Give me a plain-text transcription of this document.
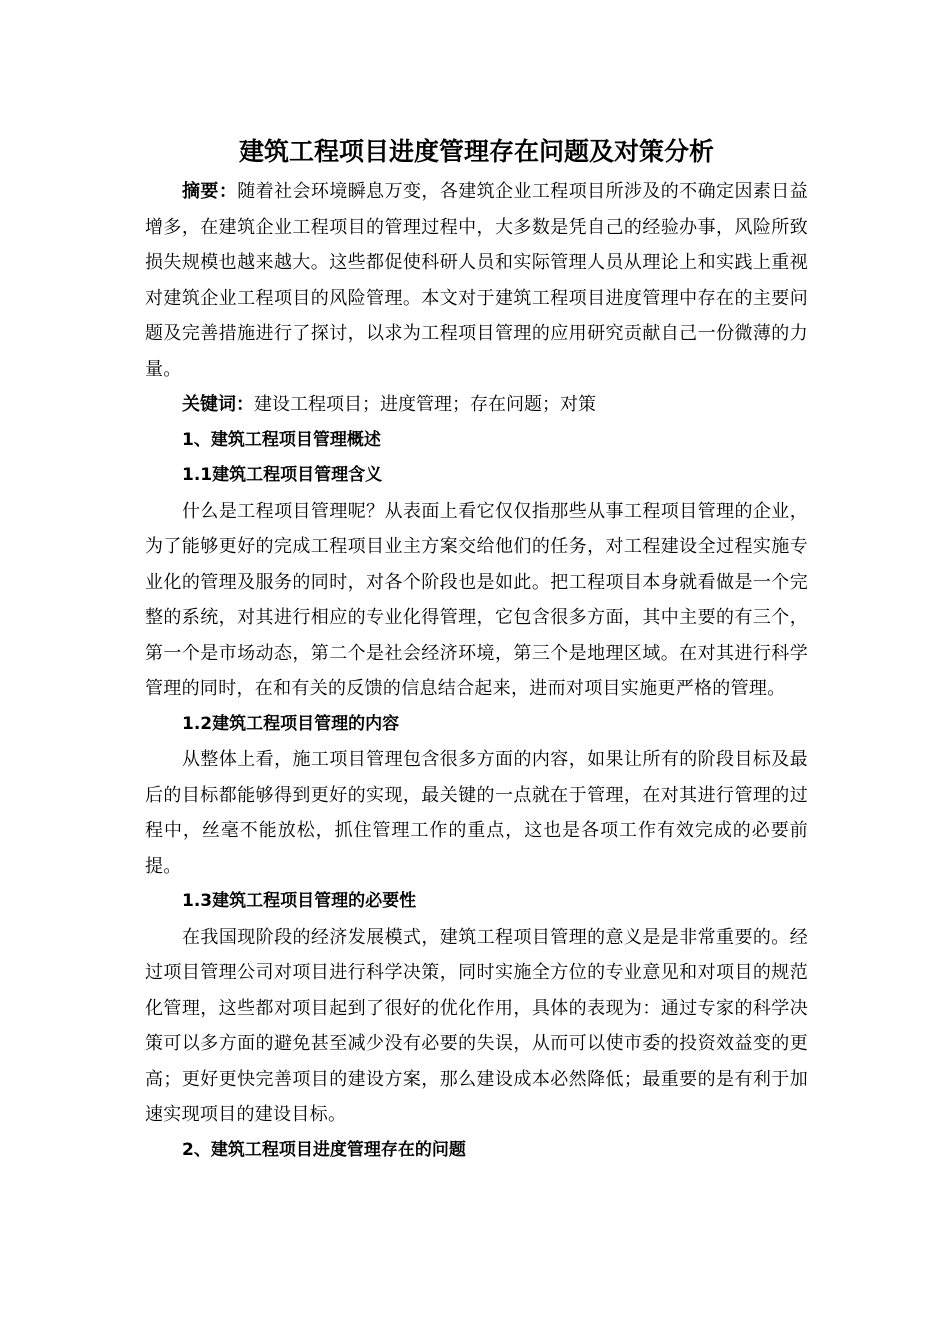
建筑工程项目进度管理存在问题及对策分析

摘要：随着社会环境瞬息万变，各建筑企业工程项目所涉及的不确定因素日益增多，在建筑企业工程项目的管理过程中，大多数是凭自己的经验办事，风险所致损失规模也越来越大。这些都促使科研人员和实际管理人员从理论上和实践上重视对建筑企业工程项目的风险管理。本文对于建筑工程项目进度管理中存在的主要问题及完善措施进行了探讨，以求为工程项目管理的应用研究贡献自己一份微薄的力量。

关键词：建设工程项目；进度管理；存在问题；对策

1、建筑工程项目管理概述

1.1建筑工程项目管理含义

什么是工程项目管理呢？从表面上看它仅仅指那些从事工程项目管理的企业，为了能够更好的完成工程项目业主方案交给他们的任务，对工程建设全过程实施专业化的管理及服务的同时，对各个阶段也是如此。把工程项目本身就看做是一个完整的系统，对其进行相应的专业化得管理，它包含很多方面，其中主要的有三个，第一个是市场动态，第二个是社会经济环境，第三个是地理区域。在对其进行科学管理的同时，在和有关的反馈的信息结合起来，进而对项目实施更严格的管理。

1.2建筑工程项目管理的内容

从整体上看，施工项目管理包含很多方面的内容，如果让所有的阶段目标及最后的目标都能够得到更好的实现，最关键的一点就在于管理，在对其进行管理的过程中，丝毫不能放松，抓住管理工作的重点，这也是各项工作有效完成的必要前提。

1.3建筑工程项目管理的必要性

在我国现阶段的经济发展模式，建筑工程项目管理的意义是是非常重要的。经过项目管理公司对项目进行科学决策，同时实施全方位的专业意见和对项目的规范化管理，这些都对项目起到了很好的优化作用，具体的表现为：通过专家的科学决策可以多方面的避免甚至减少没有必要的失误，从而可以使市委的投资效益变的更高；更好更快完善项目的建设方案，那么建设成本必然降低；最重要的是有利于加速实现项目的建设目标。

2、建筑工程项目进度管理存在的问题
